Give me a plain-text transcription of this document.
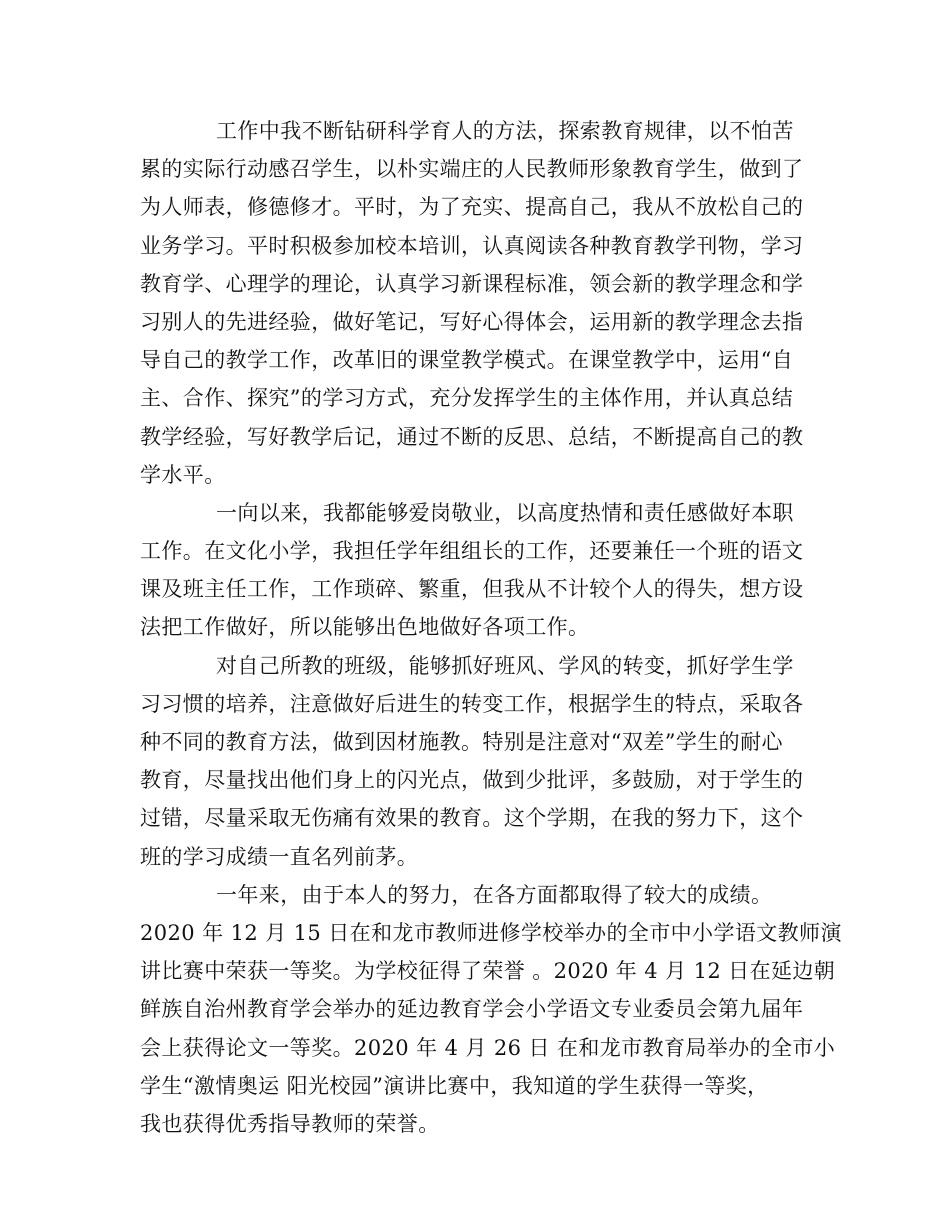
工作中我不断钻研科学育人的方法，探索教育规律，以不怕苦
累的实际行动感召学生，以朴实端庄的人民教师形象教育学生，做到了
为人师表，修德修才。平时，为了充实、提高自己，我从不放松自己的
业务学习。平时积极参加校本培训，认真阅读各种教育教学刊物，学习
教育学、心理学的理论，认真学习新课程标准，领会新的教学理念和学
习别人的先进经验，做好笔记，写好心得体会，运用新的教学理念去指
导自己的教学工作，改革旧的课堂教学模式。在课堂教学中，运用“自
主、合作、探究”的学习方式，充分发挥学生的主体作用，并认真总结
教学经验，写好教学后记，通过不断的反思、总结，不断提高自己的教
学水平。
一向以来，我都能够爱岗敬业，以高度热情和责任感做好本职
工作。在文化小学，我担任学年组组长的工作，还要兼任一个班的语文
课及班主任工作，工作琐碎、繁重，但我从不计较个人的得失，想方设
法把工作做好，所以能够出色地做好各项工作。
对自己所教的班级，能够抓好班风、学风的转变，抓好学生学
习习惯的培养，注意做好后进生的转变工作，根据学生的特点，采取各
种不同的教育方法，做到因材施教。特别是注意对“双差”学生的耐心
教育，尽量找出他们身上的闪光点，做到少批评，多鼓励，对于学生的
过错，尽量采取无伤痛有效果的教育。这个学期，在我的努力下，这个
班的学习成绩一直名列前茅。
一年来，由于本人的努力，在各方面都取得了较大的成绩。
2020 年 12 月 15 日在和龙市教师进修学校举办的全市中小学语文教师演
讲比赛中荣获一等奖。为学校征得了荣誉 。2020 年 4 月 12 日在延边朝
鲜族自治州教育学会举办的延边教育学会小学语文专业委员会第九届年
会上获得论文一等奖。2020 年 4 月 26 日 在和龙市教育局举办的全市小
学生“激情奥运 阳光校园”演讲比赛中，我知道的学生获得一等奖，
我也获得优秀指导教师的荣誉。
